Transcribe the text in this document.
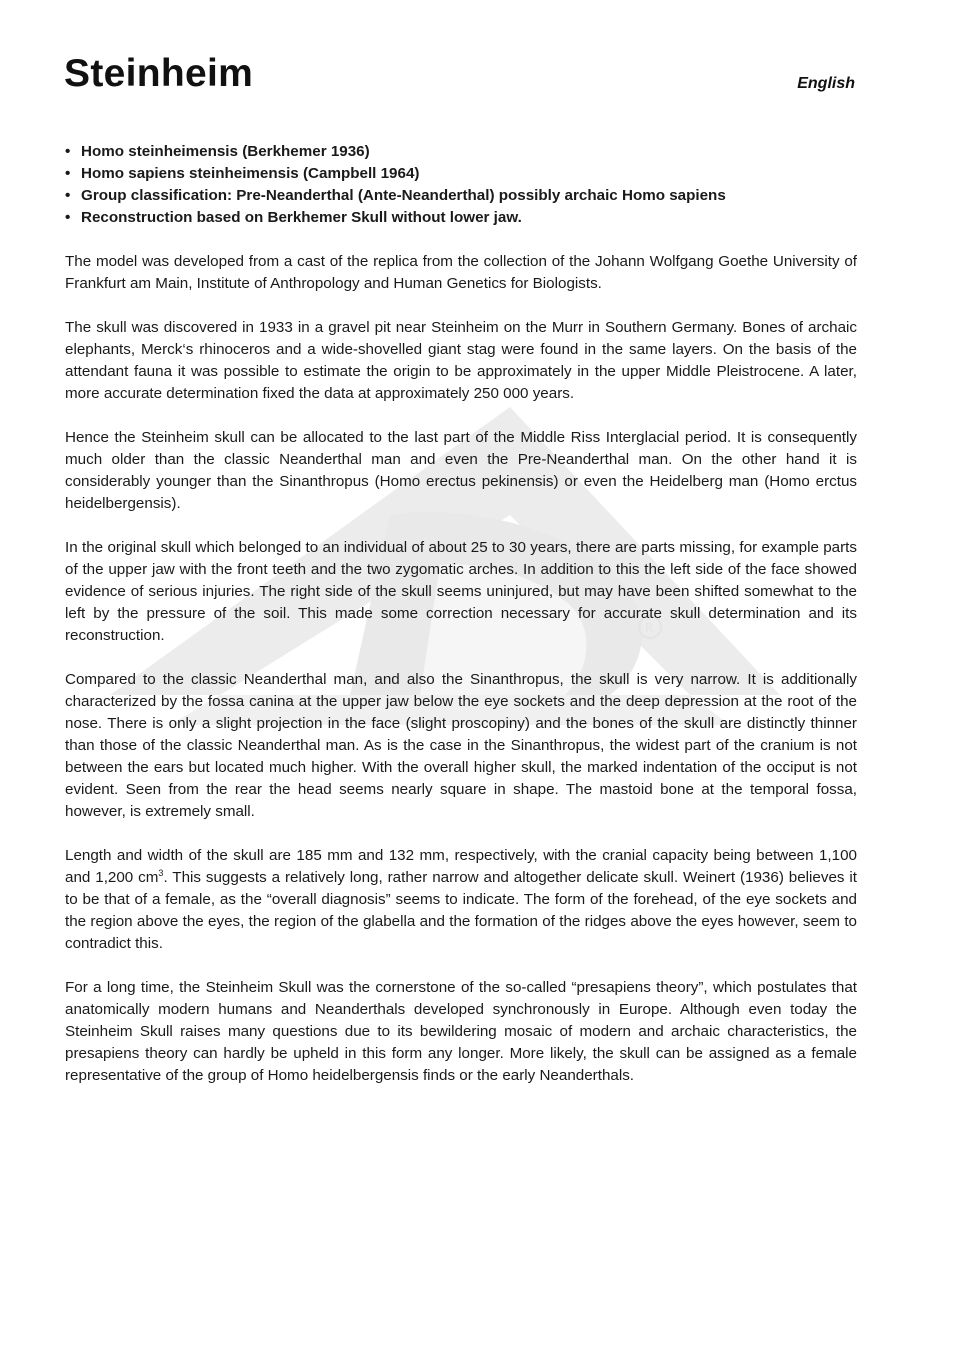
R
Steinheim	English
• Homo steinheimensis (Berkhemer 1936)
• Homo sapiens steinheimensis (Campbell 1964)
• Group classification: Pre-Neanderthal (Ante-Neanderthal) possibly archaic Homo sapiens
• Reconstruction based on Berkhemer Skull without lower jaw.

The model was developed from a cast of the replica from the collection of the Johann Wolfgang Goethe University of Frankfurt am Main, Institute of Anthropology and Human Genetics for Biologists.

The skull was discovered in 1933 in a gravel pit near Steinheim on the Murr in Southern Germany. Bones of archaic elephants, Merck‘s rhinoceros and a wide-shovelled giant stag were found in the same layers. On the basis of the attendant fauna it was possible to estimate the origin to be approximately in the upper Middle Pleistrocene. A later, more accurate determination fixed the data at approximately 250 000 years.

Hence the Steinheim skull can be allocated to the last part of the Middle Riss Interglacial period. It is consequently much older than the classic Neanderthal man and even the Pre-Neanderthal man. On the other hand it is considerably younger than the Sinanthropus (Homo erectus pekinensis) or even the Heidelberg man (Homo erctus heidelbergensis).

In the original skull which belonged to an individual of about 25 to 30 years, there are parts missing, for example parts of the upper jaw with the front teeth and the two zygomatic arches. In addition to this the left side of the face showed evidence of serious injuries. The right side of the skull seems uninjured, but may have been shifted somewhat to the left by the pressure of the soil. This made some correction necessary for accurate skull determination and its reconstruction.

Compared to the classic Neanderthal man, and also the Sinanthropus, the skull is very narrow. It is additionally characterized by the fossa canina at the upper jaw below the eye sockets and the deep depression at the root of the nose. There is only a slight projection in the face (slight proscopiny) and the bones of the skull are distinctly thinner than those of the classic Neanderthal man. As is the case in the Sinanthropus, the widest part of the cranium is not between the ears but located much higher. With the overall higher skull, the marked indentation of the occiput is not evident. Seen from the rear the head seems nearly square in shape. The mastoid bone at the temporal fossa, however, is extremely small.

Length and width of the skull are 185 mm and 132 mm, respectively, with the cranial capacity being between 1,100 and 1,200 $cm^3$. This suggests a relatively long, rather narrow and altogether delicate skull. Weinert (1936) believes it to be that of a female, as the “overall diagnosis” seems to indicate. The form of the forehead, of the eye sockets and the region above the eyes, the region of the glabella and the formation of the ridges above the eyes however, seem to contradict this.

For a long time, the Steinheim Skull was the cornerstone of the so-called “presapiens theory”, which postulates that anatomically modern humans and Neanderthals developed synchronously in Europe. Although even today the Steinheim Skull raises many questions due to its bewildering mosaic of modern and archaic characteristics, the presapiens theory can hardly be upheld in this form any longer. More likely, the skull can be assigned as a female representative of the group of Homo heidelbergensis finds or the early Neanderthals.
